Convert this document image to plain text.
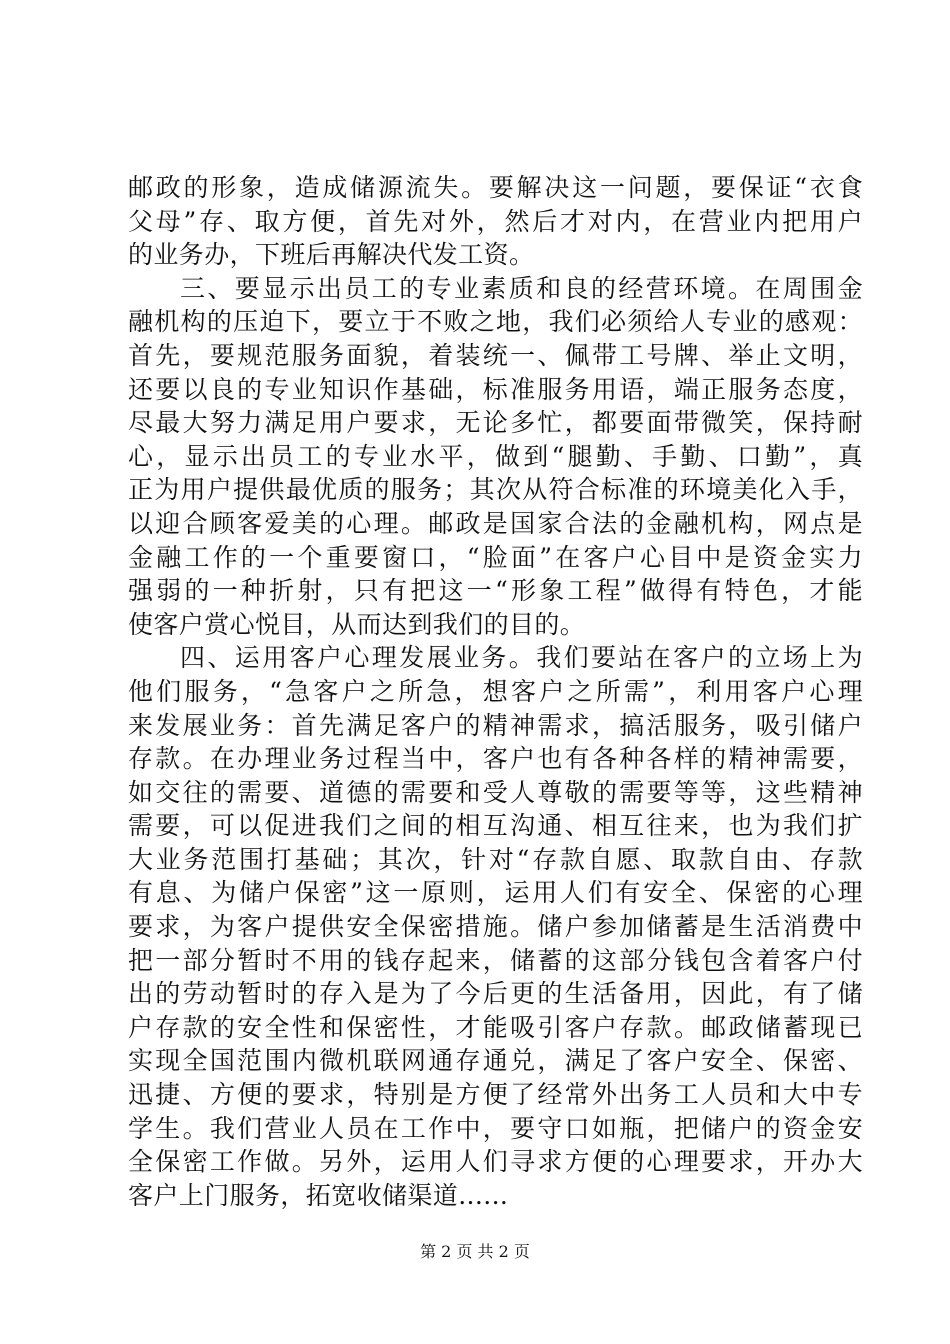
邮政的形象，造成储源流失。要解决这一问题，要保证“衣食
父母”存、取方便，首先对外，然后才对内，在营业内把用户
的业务办，下班后再解决代发工资。
三、要显示出员工的专业素质和良的经营环境。在周围金
融机构的压迫下，要立于不败之地，我们必须给人专业的感观：
首先，要规范服务面貌，着装统一、佩带工号牌、举止文明，
还要以良的专业知识作基础，标准服务用语，端正服务态度，
尽最大努力满足用户要求，无论多忙，都要面带微笑，保持耐
心，显示出员工的专业水平，做到“腿勤、手勤、口勤”，真
正为用户提供最优质的服务；其次从符合标准的环境美化入手，
以迎合顾客爱美的心理。邮政是国家合法的金融机构，网点是
金融工作的一个重要窗口，“脸面”在客户心目中是资金实力
强弱的一种折射，只有把这一“形象工程”做得有特色，才能
使客户赏心悦目，从而达到我们的目的。
四、运用客户心理发展业务。我们要站在客户的立场上为
他们服务，“急客户之所急，想客户之所需”，利用客户心理
来发展业务：首先满足客户的精神需求，搞活服务，吸引储户
存款。在办理业务过程当中，客户也有各种各样的精神需要，
如交往的需要、道德的需要和受人尊敬的需要等等，这些精神
需要，可以促进我们之间的相互沟通、相互往来，也为我们扩
大业务范围打基础；其次，针对“存款自愿、取款自由、存款
有息、为储户保密”这一原则，运用人们有安全、保密的心理
要求，为客户提供安全保密措施。储户参加储蓄是生活消费中
把一部分暂时不用的钱存起来，储蓄的这部分钱包含着客户付
出的劳动暂时的存入是为了今后更的生活备用，因此，有了储
户存款的安全性和保密性，才能吸引客户存款。邮政储蓄现已
实现全国范围内微机联网通存通兑，满足了客户安全、保密、
迅捷、方便的要求，特别是方便了经常外出务工人员和大中专
学生。我们营业人员在工作中，要守口如瓶，把储户的资金安
全保密工作做。另外，运用人们寻求方便的心理要求，开办大
客户上门服务，拓宽收储渠道......
第 2 页 共 2 页
